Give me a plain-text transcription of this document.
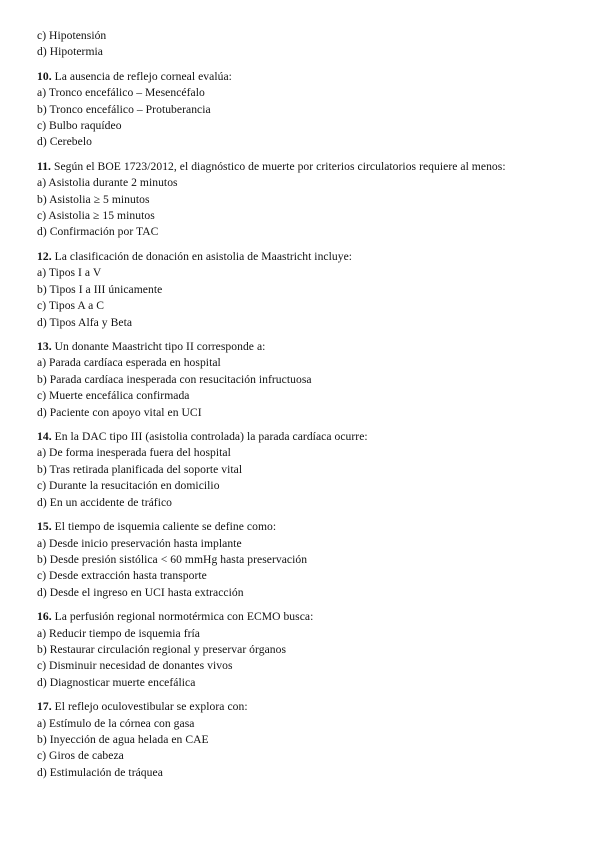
c) Hipotensión
d) Hipotermia
10. La ausencia de reflejo corneal evalúa:
a) Tronco encefálico – Mesencéfalo
b) Tronco encefálico – Protuberancia
c) Bulbo raquídeo
d) Cerebelo
11. Según el BOE 1723/2012, el diagnóstico de muerte por criterios circulatorios requiere al menos:
a) Asistolia durante 2 minutos
b) Asistolia ≥ 5 minutos
c) Asistolia ≥ 15 minutos
d) Confirmación por TAC
12. La clasificación de donación en asistolia de Maastricht incluye:
a) Tipos I a V
b) Tipos I a III únicamente
c) Tipos A a C
d) Tipos Alfa y Beta
13. Un donante Maastricht tipo II corresponde a:
a) Parada cardíaca esperada en hospital
b) Parada cardíaca inesperada con resucitación infructuosa
c) Muerte encefálica confirmada
d) Paciente con apoyo vital en UCI
14. En la DAC tipo III (asistolia controlada) la parada cardíaca ocurre:
a) De forma inesperada fuera del hospital
b) Tras retirada planificada del soporte vital
c) Durante la resucitación en domicilio
d) En un accidente de tráfico
15. El tiempo de isquemia caliente se define como:
a) Desde inicio preservación hasta implante
b) Desde presión sistólica < 60 mmHg hasta preservación
c) Desde extracción hasta transporte
d) Desde el ingreso en UCI hasta extracción
16. La perfusión regional normotérmica con ECMO busca:
a) Reducir tiempo de isquemia fría
b) Restaurar circulación regional y preservar órganos
c) Disminuir necesidad de donantes vivos
d) Diagnosticar muerte encefálica
17. El reflejo oculovestibular se explora con:
a) Estímulo de la córnea con gasa
b) Inyección de agua helada en CAE
c) Giros de cabeza
d) Estimulación de tráquea
